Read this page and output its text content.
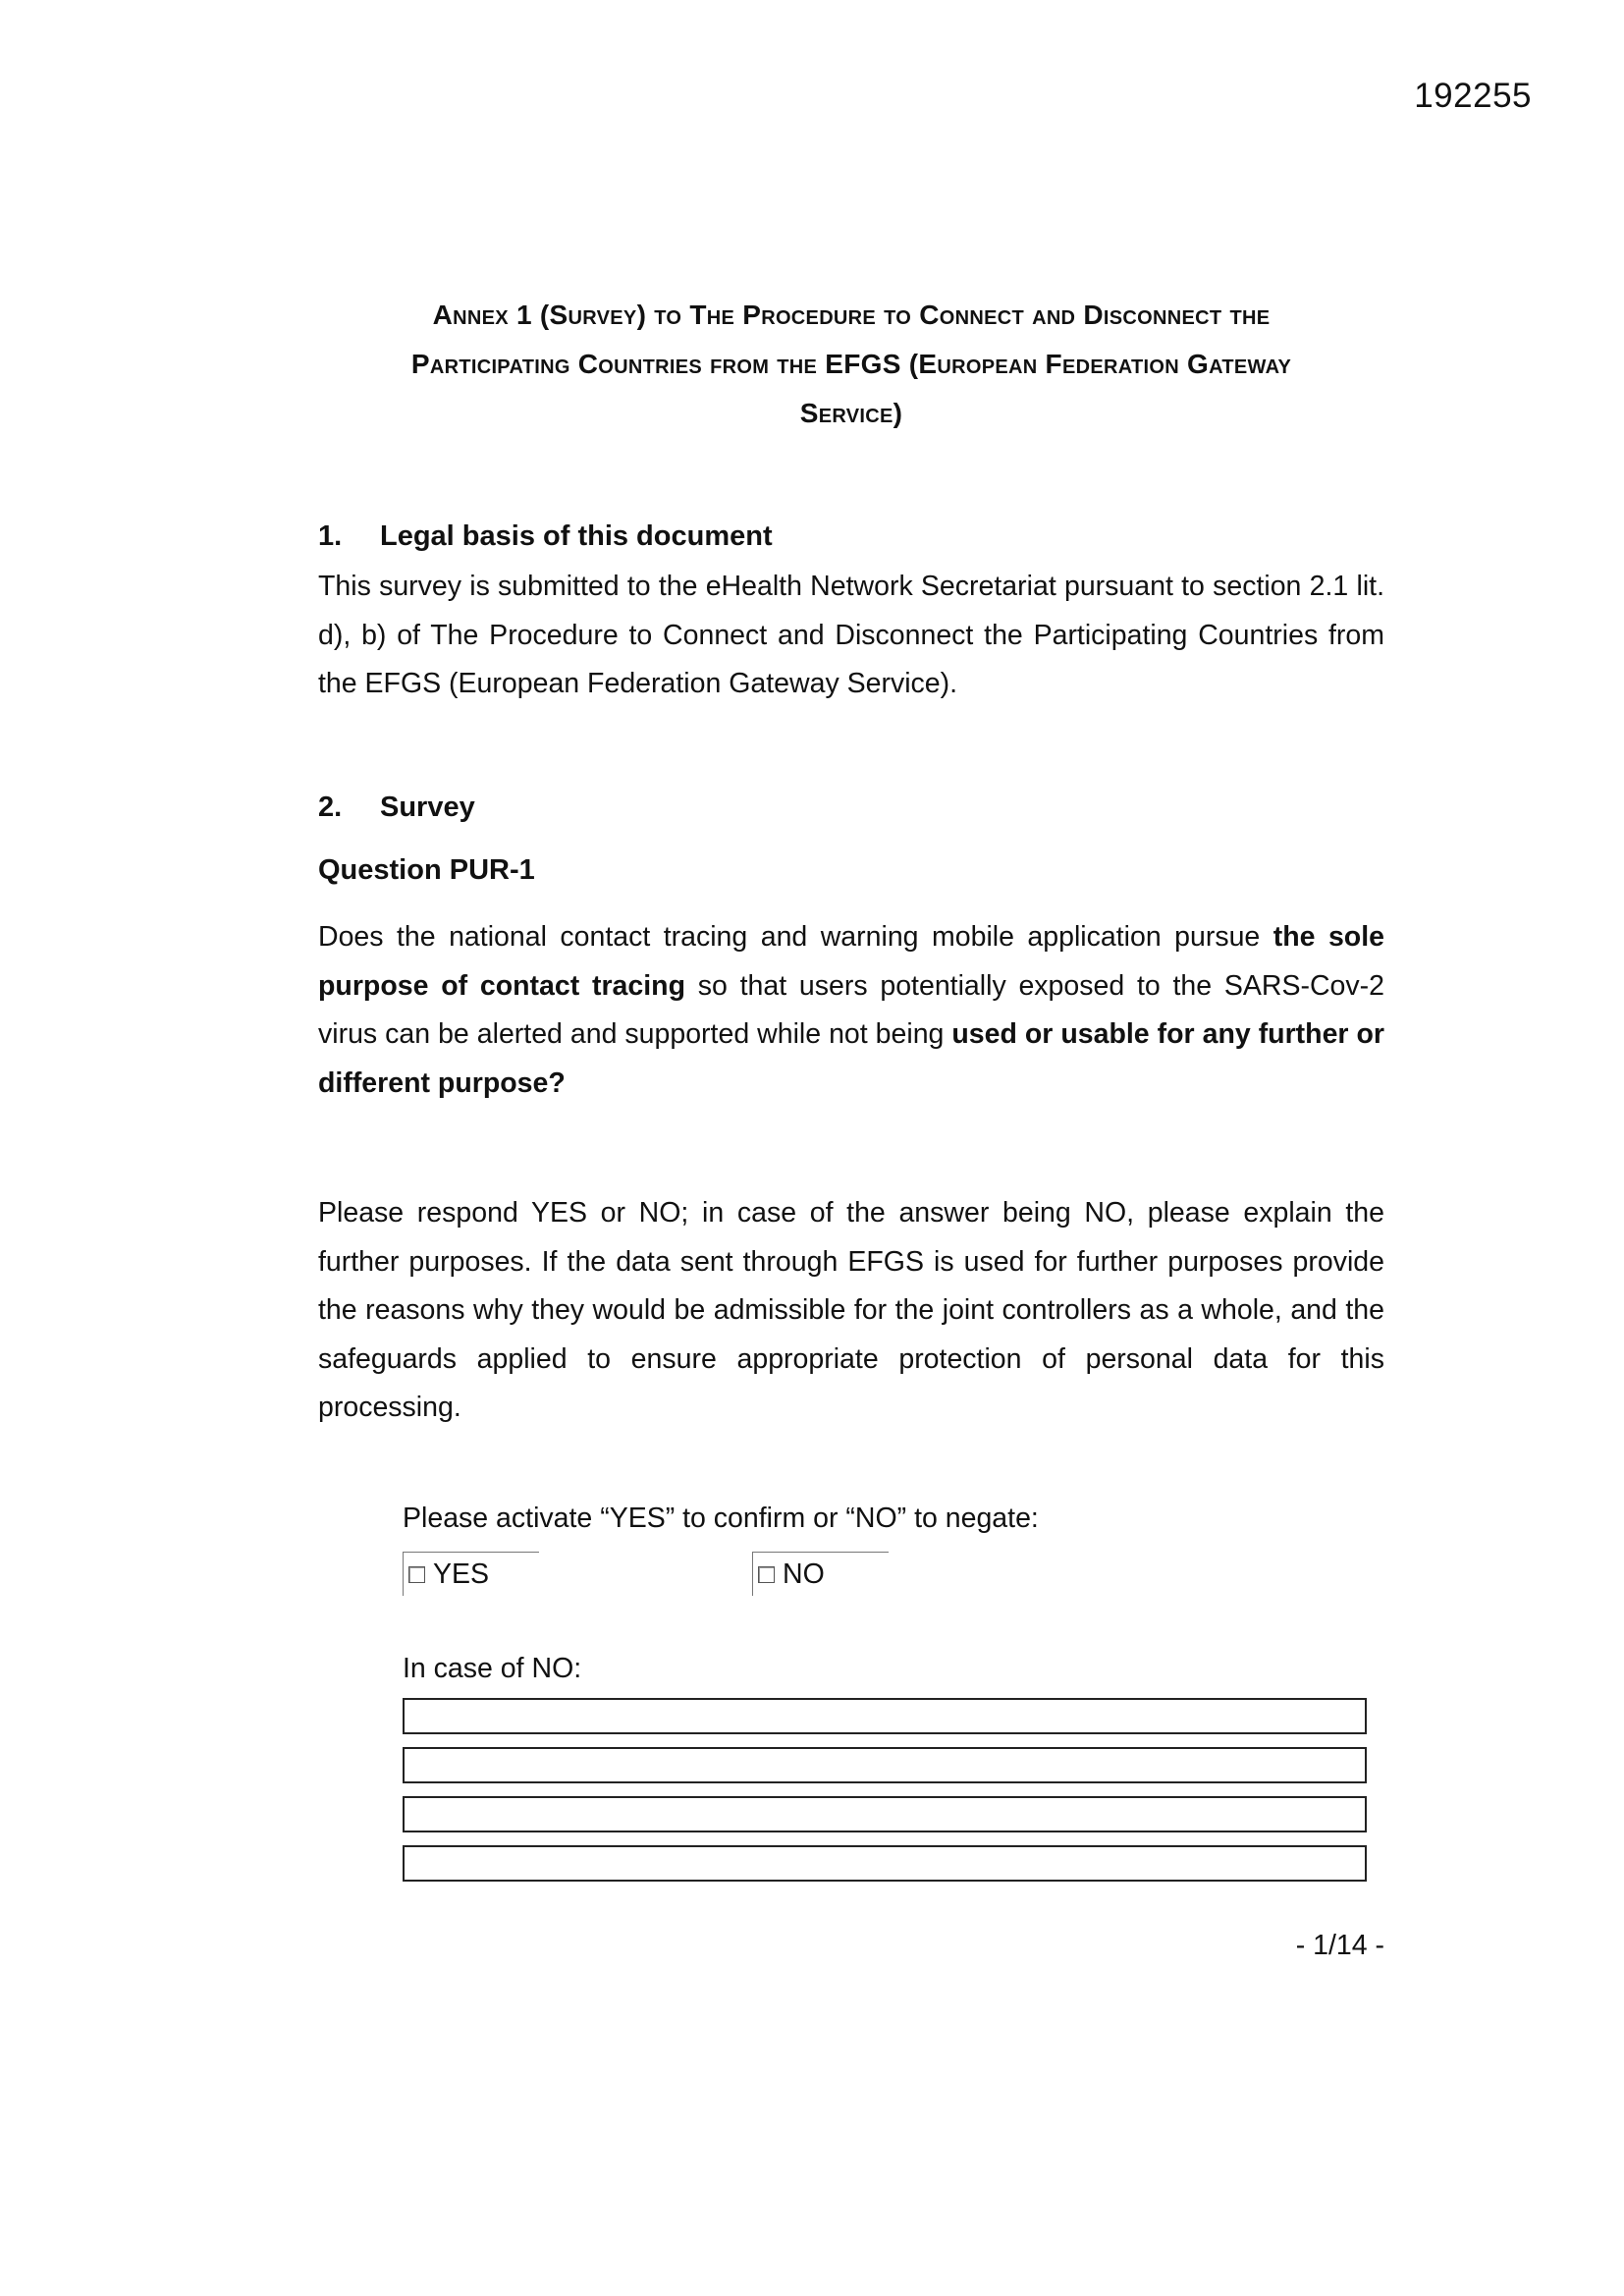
192255
Annex 1 (Survey) to The Procedure to Connect and Disconnect the
Participating Countries from the EFGS (European Federation Gateway
Service)
1. Legal basis of this document

This survey is submitted to the eHealth Network Secretariat pursuant to section 2.1 lit. d), b) of The Procedure to Connect and Disconnect the Participating Countries from the EFGS (European Federation Gateway Service).

2. Survey
Question PUR-1

Does the national contact tracing and warning mobile application pursue the sole purpose of contact tracing so that users potentially exposed to the SARS-Cov-2 virus can be alerted and supported while not being used or usable for any further or different purpose?

Please respond YES or NO; in case of the answer being NO, please explain the further purposes. If the data sent through EFGS is used for further purposes provide the reasons why they would be admissible for the joint controllers as a whole, and the safeguards applied to ensure appropriate protection of personal data for this processing.

Please activate “YES” to confirm or “NO” to negate:
YES	NO
In case of NO:
- 1/14 -
